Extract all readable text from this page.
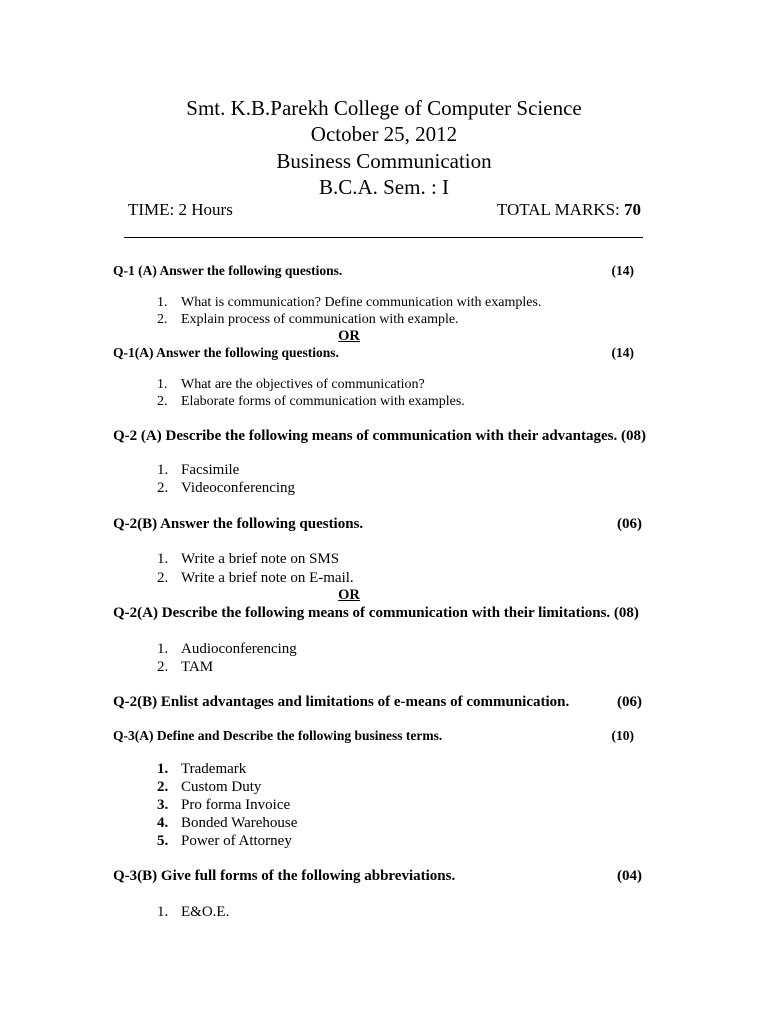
Smt. K.B.Parekh College of Computer Science
October 25, 2012
Business Communication
B.C.A. Sem. : I
TIME: 2 Hours	TOTAL MARKS: 70
Q-1 (A) Answer the following questions.	(14)
1. What is communication? Define communication with examples.
2. Explain process of communication with example.
OR
Q-1(A) Answer the following questions.	(14)
1. What are the objectives of communication?
2. Elaborate forms of communication with examples.
Q-2 (A) Describe the following means of communication with their advantages. (08)
1. Facsimile
2. Videoconferencing
Q-2(B) Answer the following questions.	(06)
1. Write a brief note on SMS
2. Write a brief note on E-mail.
OR
Q-2(A) Describe the following means of communication with their limitations. (08)
1. Audioconferencing
2. TAM
Q-2(B) Enlist advantages and limitations of e-means of communication.	(06)
Q-3(A) Define and Describe the following business terms.	(10)
1. Trademark
2. Custom Duty
3. Pro forma Invoice
4. Bonded Warehouse
5. Power of Attorney
Q-3(B) Give full forms of the following abbreviations.	(04)
1. E&O.E.
